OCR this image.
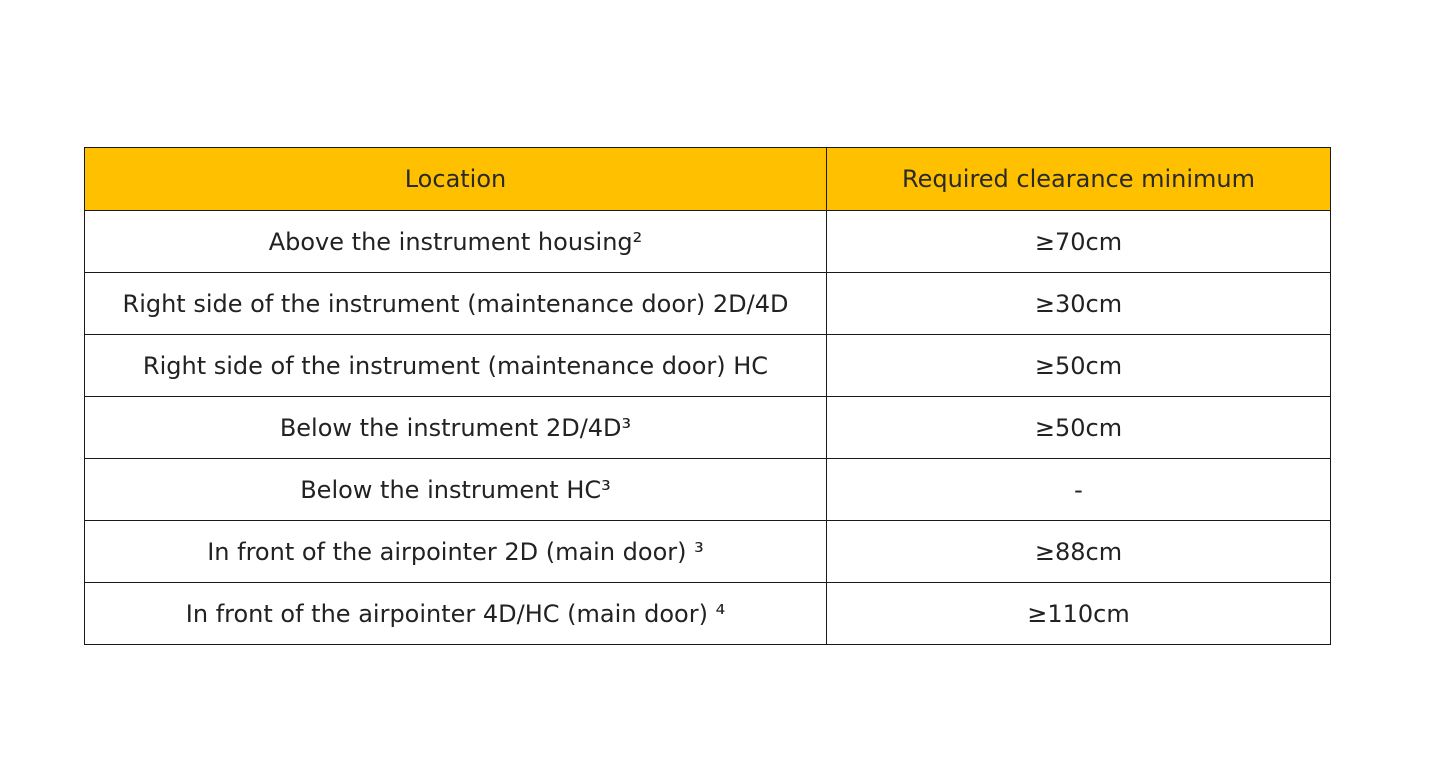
Location	Required clearance minimum
Above the instrument housing²	≥70cm
Right side of the instrument (maintenance door) 2D/4D	≥30cm
Right side of the instrument (maintenance door) HC	≥50cm
Below the instrument 2D/4D³	≥50cm
Below the instrument HC³	-
In front of the airpointer 2D (main door) ³	≥88cm
In front of the airpointer 4D/HC (main door) ⁴	≥110cm
